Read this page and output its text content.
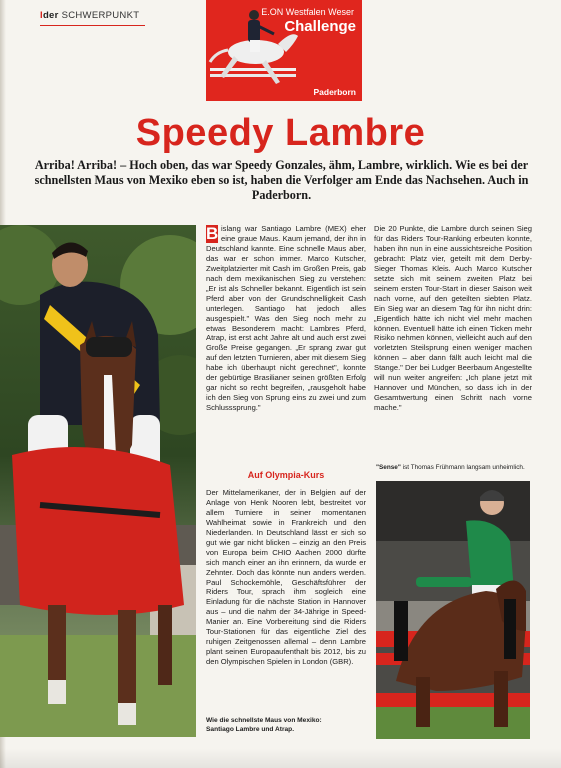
Ider SCHWERPUNKT	E.ON Westfalen Weser
Challenge
Paderborn
Speedy Lambre

Arriba! Arriba! – Hoch oben, das war Speedy Gonzales, ähm, Lambre, wirklich. Wie es bei der schnellsten Maus von Mexiko eben so ist, haben die Verfolger am Ende das Nachsehen. Auch in Paderborn.

B islang war Santiago Lambre (MEX) eher eine graue Maus. Kaum jemand, der ihn in Deutschland kannte. Eine schnelle Maus aber, das war er schon immer. Marco Kutscher, Zweitplatzierter mit Cash im Großen Preis, gab nach dem mexikanischen Sieg zu verstehen: „Er ist als Schneller bekannt. Eigentlich ist sein Pferd aber von der Grundschnelligkeit Cash unterlegen. Santiago hat jedoch alles ausgespielt." Was den Sieg noch mehr zu etwas Besonderem macht: Lambres Pferd, Atrap, ist erst acht Jahre alt und auch erst zwei Große Preise gegangen. „Er sprang zwar gut auf den letzten Turnieren, aber mit diesem Sieg habe ich überhaupt nicht gerechnet", konnte der gebürtige Brasilianer seinen größten Erfolg gar nicht so recht begreifen, „rausgeholt habe ich den Sieg von Sprung eins zu zwei und zum Schlusssprung."

Auf Olympia-Kurs

Der Mittelamerikaner, der in Belgien auf der Anlage von Henk Nooren lebt, bestreitet vor allem Turniere in seiner momentanen Wahlheimat sowie in Frankreich und den Niederlanden. In Deutschland lässt er sich so gut wie gar nicht blicken – einzig an den Preis von Europa beim CHIO Aachen 2000 dürfte sich manch einer an ihn erinnern, da wurde er Zehnter. Doch das könnte nun anders werden. Paul Schockemöhle, Geschäftsführer der Riders Tour, sprach ihm sogleich eine Einladung für die nächste Station in Hannover aus – und die nahm der 34-Jährige in Speed-Manier an. Eine Vorbereitung sind die Riders Tour-Stationen für das eigentliche Ziel des ruhigen Zeitgenossen allemal – denn Lambre plant seinen Europaaufenthalt bis 2012, bis zu den Olympischen Spielen in London (GBR).

Wie die schnellste Maus von Mexiko:
Santiago Lambre und Atrap.

Die 20 Punkte, die Lambre durch seinen Sieg für das Riders Tour-Ranking erbeuten konnte, haben ihn nun in eine aussichtsreiche Position gebracht: Platz vier, geteilt mit dem Derby-Sieger Thomas Kleis. Auch Marco Kutscher setzte sich mit seinem zweiten Platz bei seinem ersten Tour-Start in dieser Saison weit nach vorne, auf den geteilten siebten Platz. Ein Sieg war an diesem Tag für ihn nicht drin: „Eigentlich hätte ich nicht viel mehr machen können. Eventuell hätte ich einen Ticken mehr Risiko nehmen können, vielleicht auch auf den vorletzten Steilsprung einen weniger machen können – aber dann fällt auch leicht mal die Stange." Der bei Ludger Beerbaum Angestellte will nun weiter angreifen: „Ich plane jetzt mit Hannover und München, so dass ich in der Gesamtwertung einen Schritt nach vorne mache."

"Sense" ist Thomas Frühmann langsam unheimlich.
